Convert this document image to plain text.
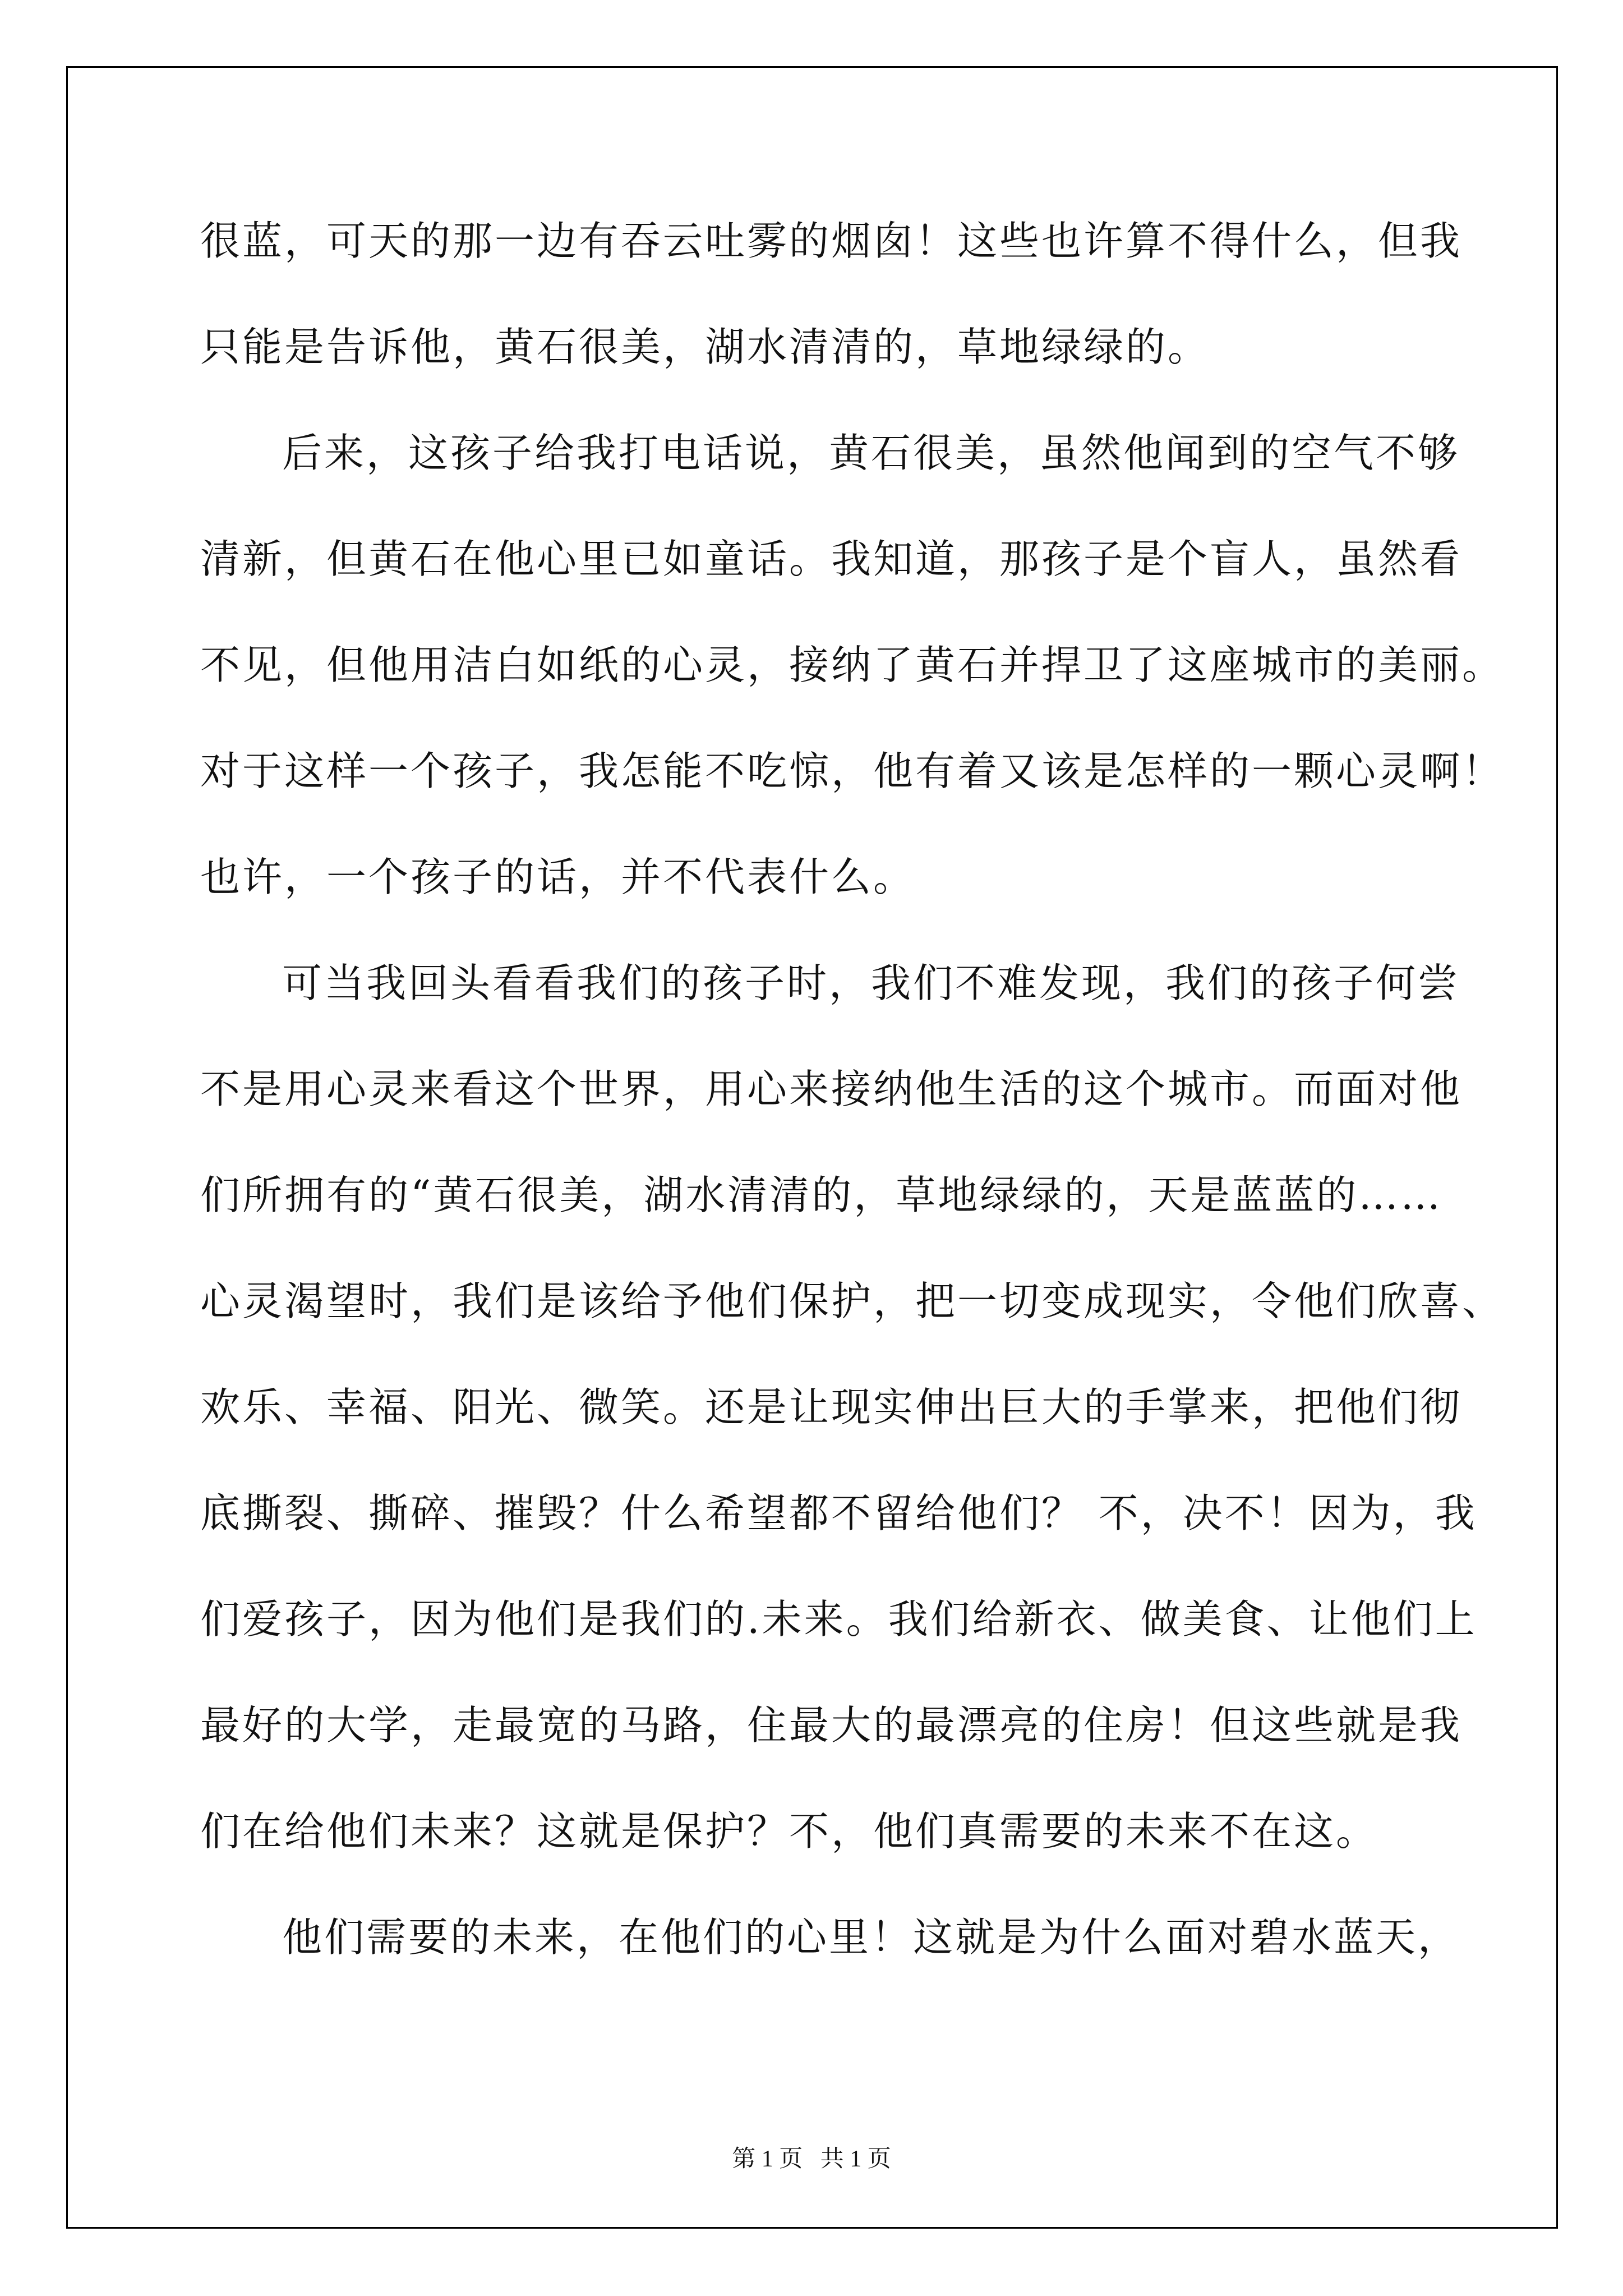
很蓝，可天的那一边有吞云吐雾的烟囱！这些也许算不得什么，但我
只能是告诉他，黄石很美，湖水清清的，草地绿绿的。
后来，这孩子给我打电话说，黄石很美，虽然他闻到的空气不够
清新，但黄石在他心里已如童话。我知道，那孩子是个盲人，虽然看
不见，但他用洁白如纸的心灵，接纳了黄石并捍卫了这座城市的美丽。
对于这样一个孩子，我怎能不吃惊，他有着又该是怎样的一颗心灵啊！
也许，一个孩子的话，并不代表什么。
可当我回头看看我们的孩子时，我们不难发现，我们的孩子何尝
不是用心灵来看这个世界，用心来接纳他生活的这个城市。而面对他
们所拥有的“黄石很美，湖水清清的，草地绿绿的，天是蓝蓝的……
心灵渴望时，我们是该给予他们保护，把一切变成现实，令他们欣喜、
欢乐、幸福、阳光、微笑。还是让现实伸出巨大的手掌来，把他们彻
底撕裂、撕碎、摧毁？什么希望都不留给他们？ 不，决不！因为，我
们爱孩子，因为他们是我们的.未来。我们给新衣、做美食、让他们上
最好的大学，走最宽的马路，住最大的最漂亮的住房！但这些就是我
们在给他们未来？这就是保护？不，他们真需要的未来不在这。
他们需要的未来，在他们的心里！这就是为什么面对碧水蓝天，
第 1 页 共 1 页
